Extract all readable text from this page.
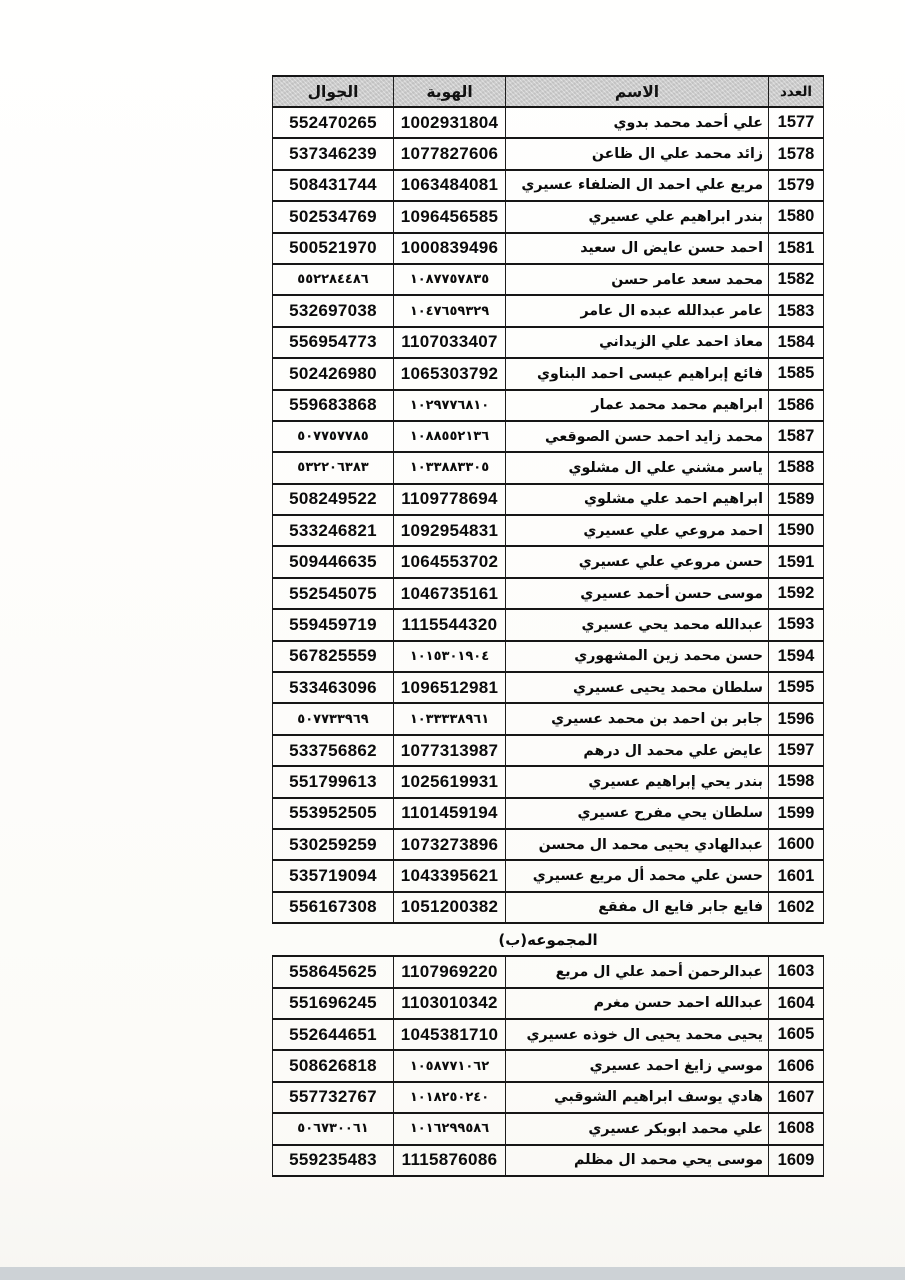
العدد	الاسم	الهوية	الجوال
1577	علي أحمد محمد بدوي	1002931804	552470265
1578	زائد محمد علي ال ظاعن	1077827606	537346239
1579	مريع علي احمد ال الضلفاء عسيري	1063484081	508431744
1580	بندر ابراهيم علي عسيري	1096456585	502534769
1581	احمد حسن عايض ال سعيد	1000839496	500521970
1582	محمد سعد عامر حسن	١٠٨٧٧٥٧٨٣٥	٥٥٢٢٨٤٤٨٦
1583	عامر عبدالله عبده ال عامر	١٠٤٧٦٥٩٣٢٩	532697038
1584	معاذ احمد علي الزيداني	1107033407	556954773
1585	فائع إبراهيم عيسى احمد البناوي	1065303792	502426980
1586	ابراهيم محمد محمد عمار	١٠٢٩٧٧٦٨١٠	559683868
1587	محمد زايد احمد حسن الصوقعي	١٠٨٨٥٥٢١٣٦	٥٠٧٧٥٧٧٨٥
1588	ياسر مشني علي ال مشلوي	١٠٣٣٨٨٣٣٠٥	٥٣٢٢٠٦٣٨٣
1589	ابراهيم احمد علي مشلوي	1109778694	508249522
1590	احمد مروعي علي عسيري	1092954831	533246821
1591	حسن مروعي علي عسيري	1064553702	509446635
1592	موسى حسن أحمد عسيري	1046735161	552545075
1593	عبدالله محمد يحي عسيري	1115544320	559459719
1594	حسن محمد زين المشهوري	١٠١٥٣٠١٩٠٤	567825559
1595	سلطان محمد يحيى عسيري	1096512981	533463096
1596	جابر بن احمد بن محمد عسيري	١٠٣٣٣٣٨٩٦١	٥٠٧٧٣٣٩٦٩
1597	عايض علي محمد ال درهم	1077313987	533756862
1598	بندر يحي إبراهيم عسيري	1025619931	551799613
1599	سلطان يحي مفرح عسيري	1101459194	553952505
1600	عبدالهادي يحيى محمد ال محسن	1073273896	530259259
1601	حسن علي محمد أل مريع عسيري	1043395621	535719094
1602	فايع جابر فايع ال مفقع	1051200382	556167308
المجموعه(ب)			
1603	عبدالرحمن أحمد علي ال مريع	1107969220	558645625
1604	عبدالله احمد حسن مغرم	1103010342	551696245
1605	يحيى محمد يحيى ال خوذه عسيري	1045381710	552644651
1606	موسي زايغ احمد عسيري	١٠٥٨٧٧١٠٦٢	508626818
1607	هادي يوسف ابراهيم الشوقبي	١٠١٨٢٥٠٢٤٠	557732767
1608	علي محمد ابوبكر عسيري	١٠١٦٢٩٩٥٨٦	٥٠٦٧٣٠٠٦١
1609	موسى يحي محمد ال مظلم	1115876086	559235483
